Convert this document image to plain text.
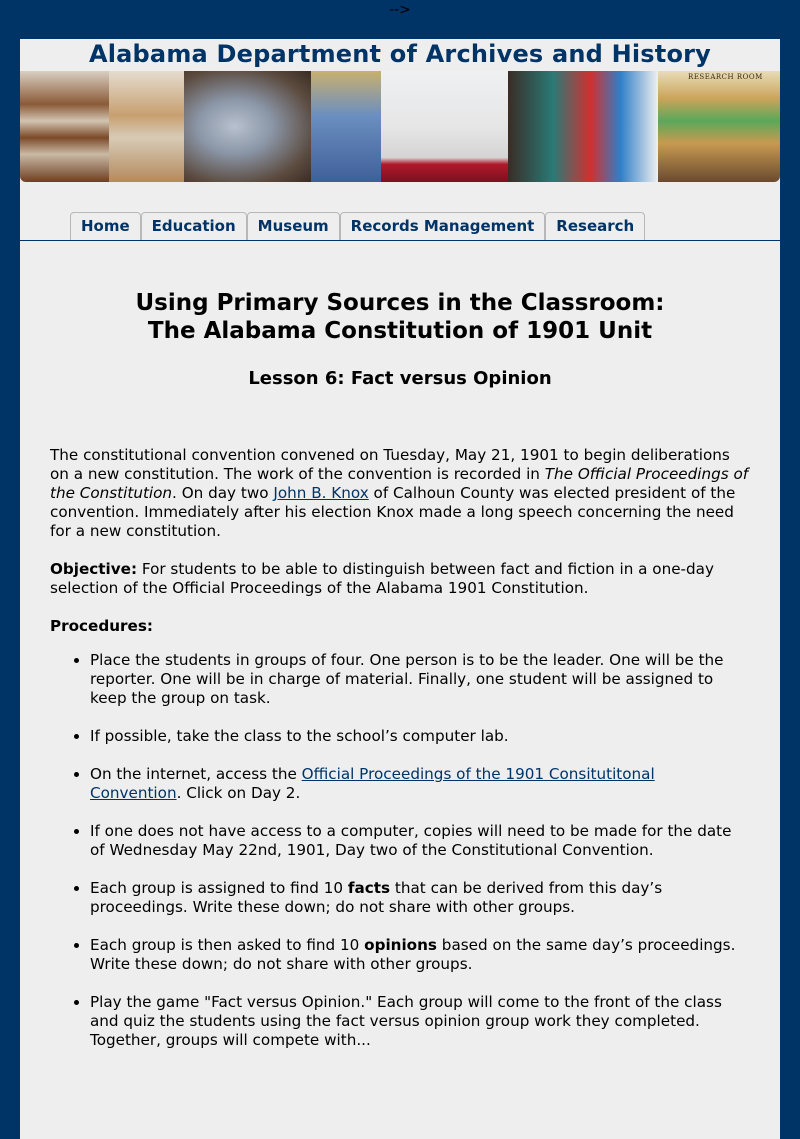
-->
Alabama Department of Archives and History
RESEARCH ROOM
Home	Education	Museum	Records Management	Research
Using Primary Sources in the Classroom:
The Alabama Constitution of 1901 Unit
Lesson 6: Fact versus Opinion

The constitutional convention convened on Tuesday, May 21, 1901 to begin deliberations on a new constitution. The work of the convention is recorded in The Official Proceedings of the Constitution. On day two John B. Knox of Calhoun County was elected president of the convention. Immediately after his election Knox made a long speech concerning the need for a new constitution.

Objective: For students to be able to distinguish between fact and fiction in a one-day selection of the Official Proceedings of the Alabama 1901 Constitution.

Procedures:

• Place the students in groups of four. One person is to be the leader. One will be the reporter. One will be in charge of material. Finally, one student will be assigned to keep the group on task.
• If possible, take the class to the school’s computer lab.
• On the internet, access the Official Proceedings of the 1901 Consitutitonal Convention. Click on Day 2.
• If one does not have access to a computer, copies will need to be made for the date of Wednesday May 22nd, 1901, Day two of the Constitutional Convention.
• Each group is assigned to find 10 facts that can be derived from this day’s proceedings. Write these down; do not share with other groups.
• Each group is then asked to find 10 opinions based on the same day’s proceedings. Write these down; do not share with other groups.
• Play the game "Fact versus Opinion." Each group will come to the front of the class and quiz the students using the fact versus opinion group work they completed. Together, groups will compete with...
